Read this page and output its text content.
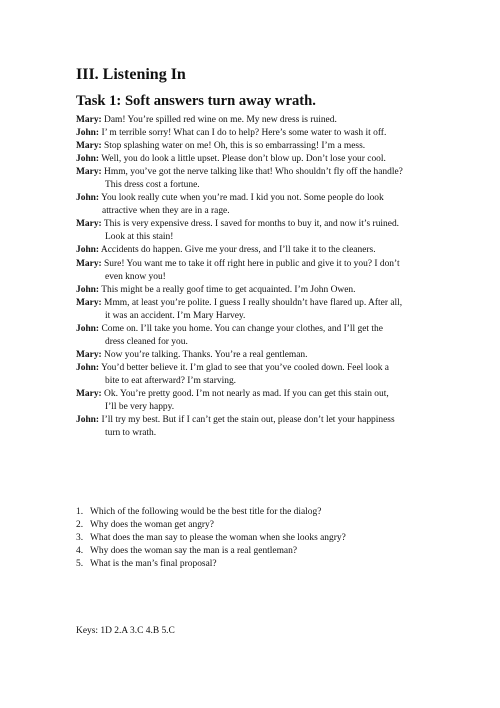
III. Listening In
Task 1: Soft answers turn away wrath.
Mary: Dam! You’re spilled red wine on me. My new dress is ruined.
John: I’ m terrible sorry! What can I do to help? Here’s some water to wash it off.
Mary: Stop splashing water on me! Oh, this is so embarrassing! I’m a mess.
John: Well, you do look a little upset. Please don’t blow up. Don’t lose your cool.
Mary: Hmm, you’ve got the nerve talking like that! Who shouldn’t fly off the handle?
This dress cost a fortune.
John: You look really cute when you’re mad. I kid you not. Some people do look
attractive when they are in a rage.
Mary: This is very expensive dress. I saved for months to buy it, and now it’s ruined.
Look at this stain!
John: Accidents do happen. Give me your dress, and I’ll take it to the cleaners.
Mary: Sure! You want me to take it off right here in public and give it to you? I don’t
even know you!
John: This might be a really goof time to get acquainted. I’m John Owen.
Mary: Mmm, at least you’re polite. I guess I really shouldn’t have flared up. After all,
it was an accident. I’m Mary Harvey.
John: Come on. I’ll take you home. You can change your clothes, and I’ll get the
dress cleaned for you.
Mary: Now you’re talking. Thanks. You’re a real gentleman.
John: You’d better believe it. I’m glad to see that you’ve cooled down. Feel look a
bite to eat afterward? I’m starving.
Mary: Ok. You’re pretty good. I’m not nearly as mad. If you can get this stain out,
I’ll be very happy.
John: I’ll try my best. But if I can’t get the stain out, please don’t let your happiness
turn to wrath.
1. Which of the following would be the best title for the dialog?
2. Why does the woman get angry?
3. What does the man say to please the woman when she looks angry?
4. Why does the woman say the man is a real gentleman?
5. What is the man’s final proposal?
Keys: 1D 2.A 3.C 4.B 5.C
